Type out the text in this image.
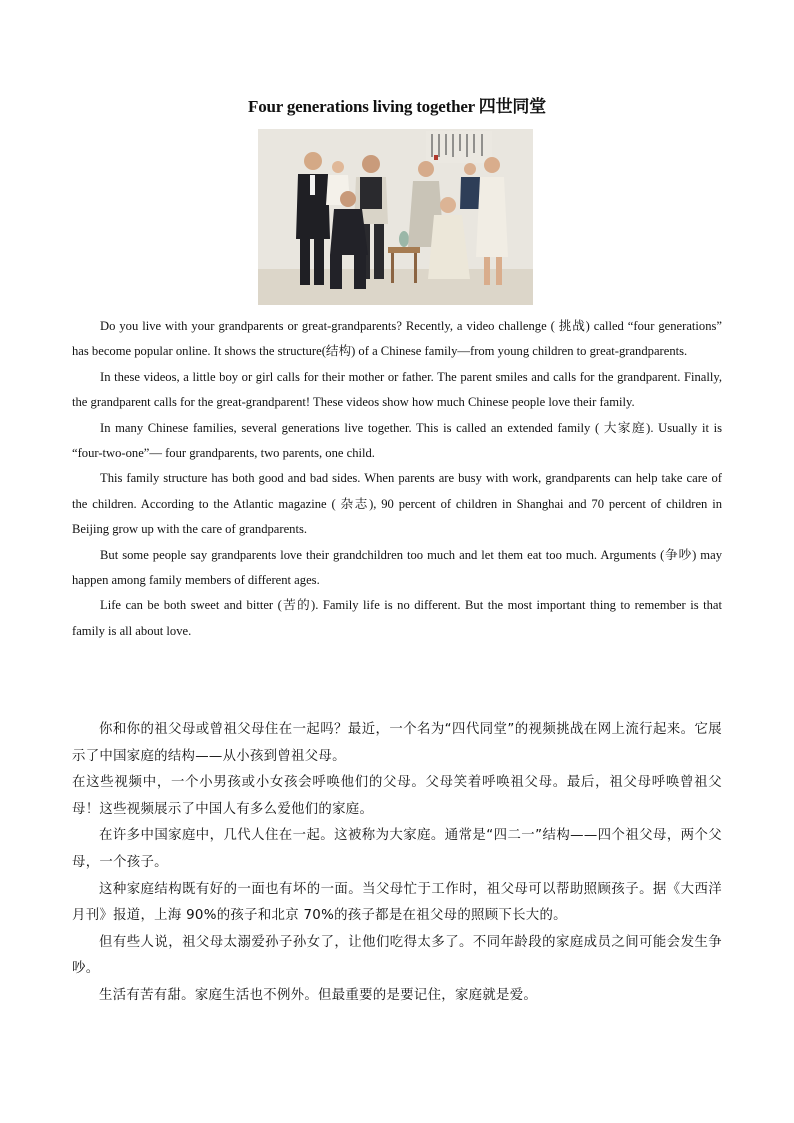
Four generations living together 四世同堂

Do you live with your grandparents or great-grandparents? Recently, a video challenge ( 挑战) called “four generations” has become popular online. It shows the structure(结构) of a Chinese family—from young children to great-grandparents.

In these videos, a little boy or girl calls for their mother or father. The parent smiles and calls for the grandparent. Finally, the grandparent calls for the great-grandparent! These videos show how much Chinese people love their family.

In many Chinese families, several generations live together. This is called an extended family ( 大家庭). Usually it is “four-two-one”— four grandparents, two parents, one child.

This family structure has both good and bad sides. When parents are busy with work, grandparents can help take care of the children. According to the Atlantic magazine ( 杂志), 90 percent of children in Shanghai and 70 percent of children in Beijing grow up with the care of grandparents.

But some people say grandparents love their grandchildren too much and let them eat too much. Arguments (争吵) may happen among family members of different ages.

Life can be both sweet and bitter (苦的). Family life is no different. But the most important thing to remember is that family is all about love.

你和你的祖父母或曾祖父母住在一起吗？最近，一个名为“四代同堂”的视频挑战在网上流行起来。它展示了中国家庭的结构——从小孩到曾祖父母。

在这些视频中，一个小男孩或小女孩会呼唤他们的父母。父母笑着呼唤祖父母。最后，祖父母呼唤曾祖父母！这些视频展示了中国人有多么爱他们的家庭。

在许多中国家庭中，几代人住在一起。这被称为大家庭。通常是“四二一”结构——四个祖父母，两个父母，一个孩子。

这种家庭结构既有好的一面也有坏的一面。当父母忙于工作时，祖父母可以帮助照顾孩子。据《大西洋月刊》报道，上海 90%的孩子和北京 70%的孩子都是在祖父母的照顾下长大的。

但有些人说，祖父母太溺爱孙子孙女了，让他们吃得太多了。不同年龄段的家庭成员之间可能会发生争吵。

生活有苦有甜。家庭生活也不例外。但最重要的是要记住，家庭就是爱。
